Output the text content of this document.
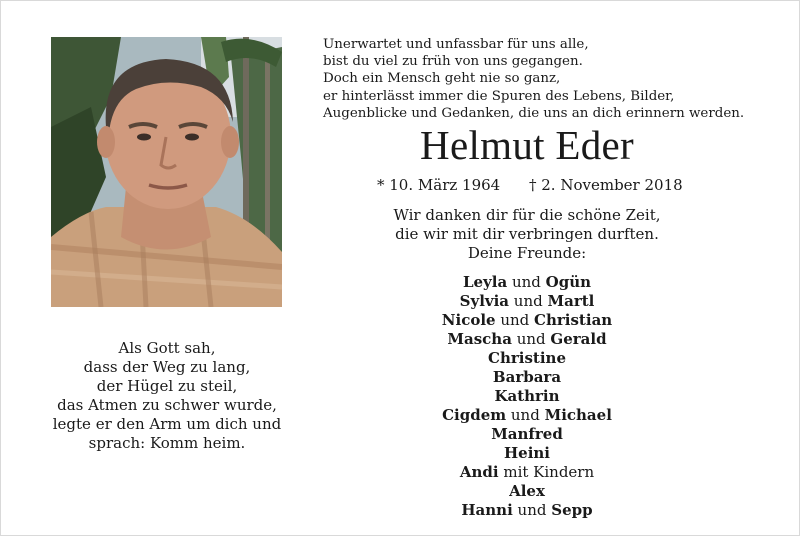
Unerwartet und unfassbar für uns alle,
bist du viel zu früh von uns gegangen.
Doch ein Mensch geht nie so ganz,
er hinterlässt immer die Spuren des Lebens, Bilder,
Augenblicke und Gedanken, die uns an dich erinnern werden.
Helmut Eder
* 10. März 1964 † 2. November 2018
Wir danken dir für die schöne Zeit,
die wir mit dir verbringen durften.
Deine Freunde:
Leyla und Ogün
Sylvia und Martl
Nicole und Christian
Mascha und Gerald
Christine
Barbara
Kathrin
Cigdem und Michael
Manfred
Heini
Andi mit Kindern
Alex
Hanni und Sepp
Als Gott sah,
dass der Weg zu lang,
der Hügel zu steil,
das Atmen zu schwer wurde,
legte er den Arm um dich und
sprach: Komm heim.
